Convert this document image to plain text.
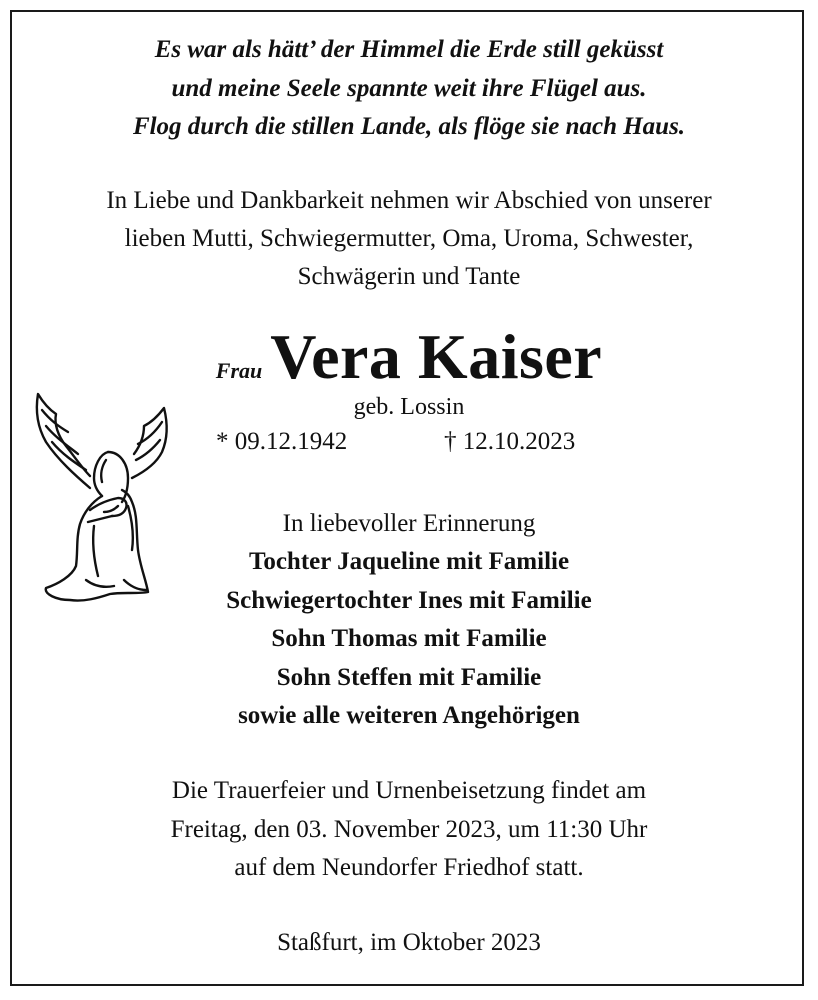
Es war als hätt’ der Himmel die Erde still geküsst
und meine Seele spannte weit ihre Flügel aus.
Flog durch die stillen Lande, als flöge sie nach Haus.
In Liebe und Dankbarkeit nehmen wir Abschied von unserer
lieben Mutti, Schwiegermutter, Oma, Uroma, Schwester,
Schwägerin und Tante
Frau Vera Kaiser
geb. Lossin
* 09.12.1942	† 12.10.2023
In liebevoller Erinnerung
Tochter Jaqueline mit Familie
Schwiegertochter Ines mit Familie
Sohn Thomas mit Familie
Sohn Steffen mit Familie
sowie alle weiteren Angehörigen
Die Trauerfeier und Urnenbeisetzung findet am
Freitag, den 03. November 2023, um 11:30 Uhr
auf dem Neundorfer Friedhof statt.
Staßfurt, im Oktober 2023
